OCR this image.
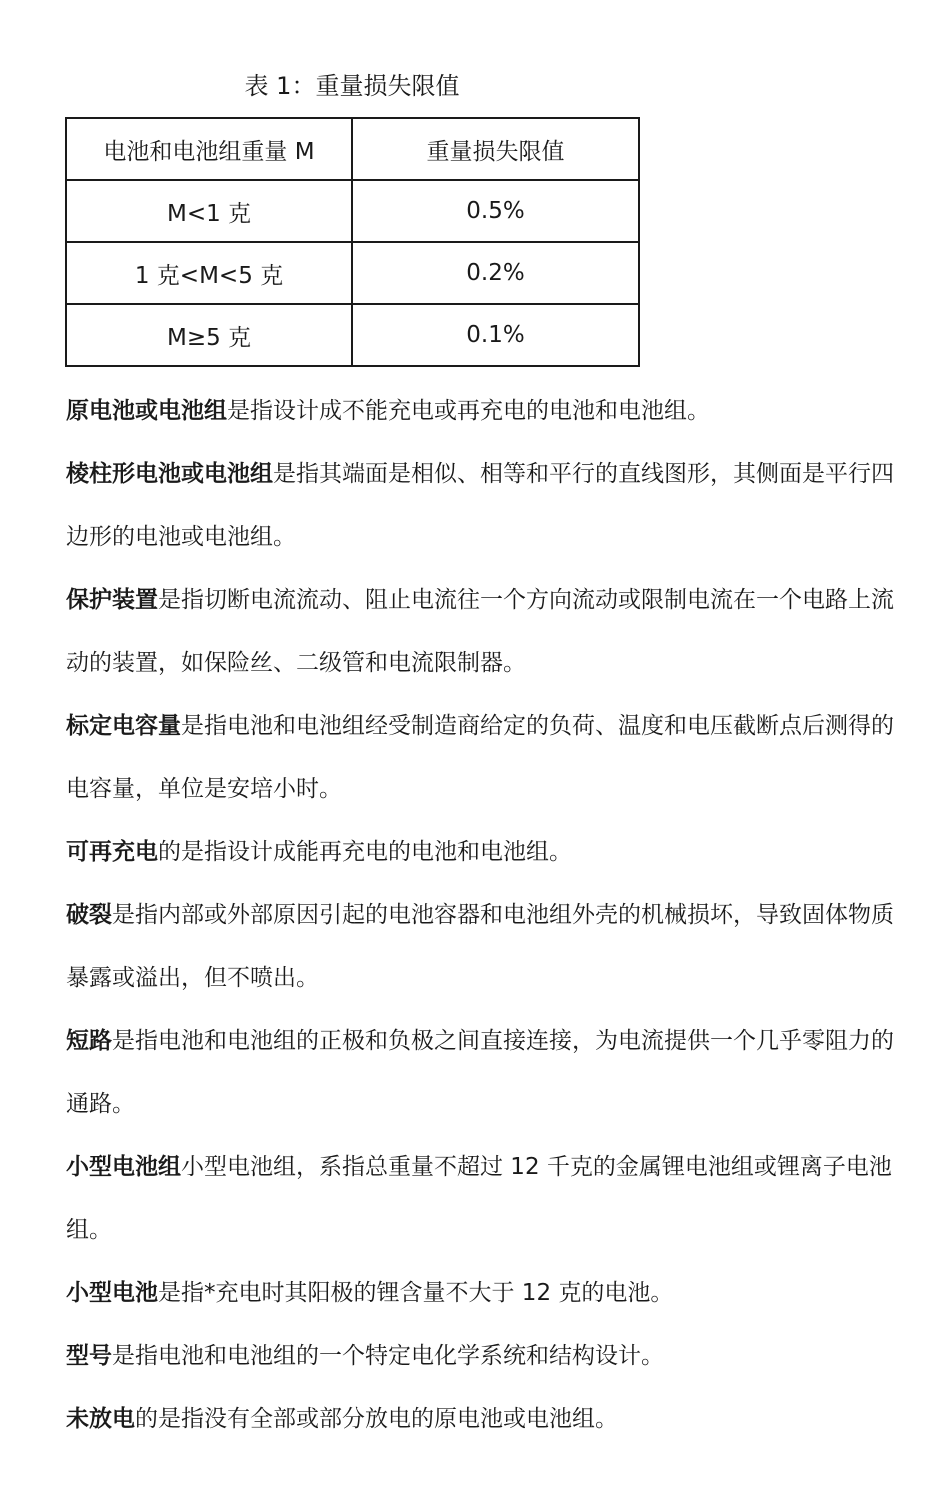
表 1：重量损失限值
电池和电池组重量 M	重量损失限值
M<1 克	0.5%
1 克<M<5 克	0.2%
M≥5 克	0.1%

原电池或电池组是指设计成不能充电或再充电的电池和电池组。

棱柱形电池或电池组是指其端面是相似、相等和平行的直线图形，其侧面是平行四边形的电池或电池组。

保护装置是指切断电流流动、阻止电流往一个方向流动或限制电流在一个电路上流动的装置，如保险丝、二级管和电流限制器。

标定电容量是指电池和电池组经受制造商给定的负荷、温度和电压截断点后测得的电容量，单位是安培小时。

可再充电的是指设计成能再充电的电池和电池组。

破裂是指内部或外部原因引起的电池容器和电池组外壳的机械损坏，导致固体物质暴露或溢出，但不喷出。

短路是指电池和电池组的正极和负极之间直接连接，为电流提供一个几乎零阻力的通路。

小型电池组小型电池组，系指总重量不超过 12 千克的金属锂电池组或锂离子电池组。

小型电池是指*充电时其阳极的锂含量不大于 12 克的电池。

型号是指电池和电池组的一个特定电化学系统和结构设计。

未放电的是指没有全部或部分放电的原电池或电池组。
